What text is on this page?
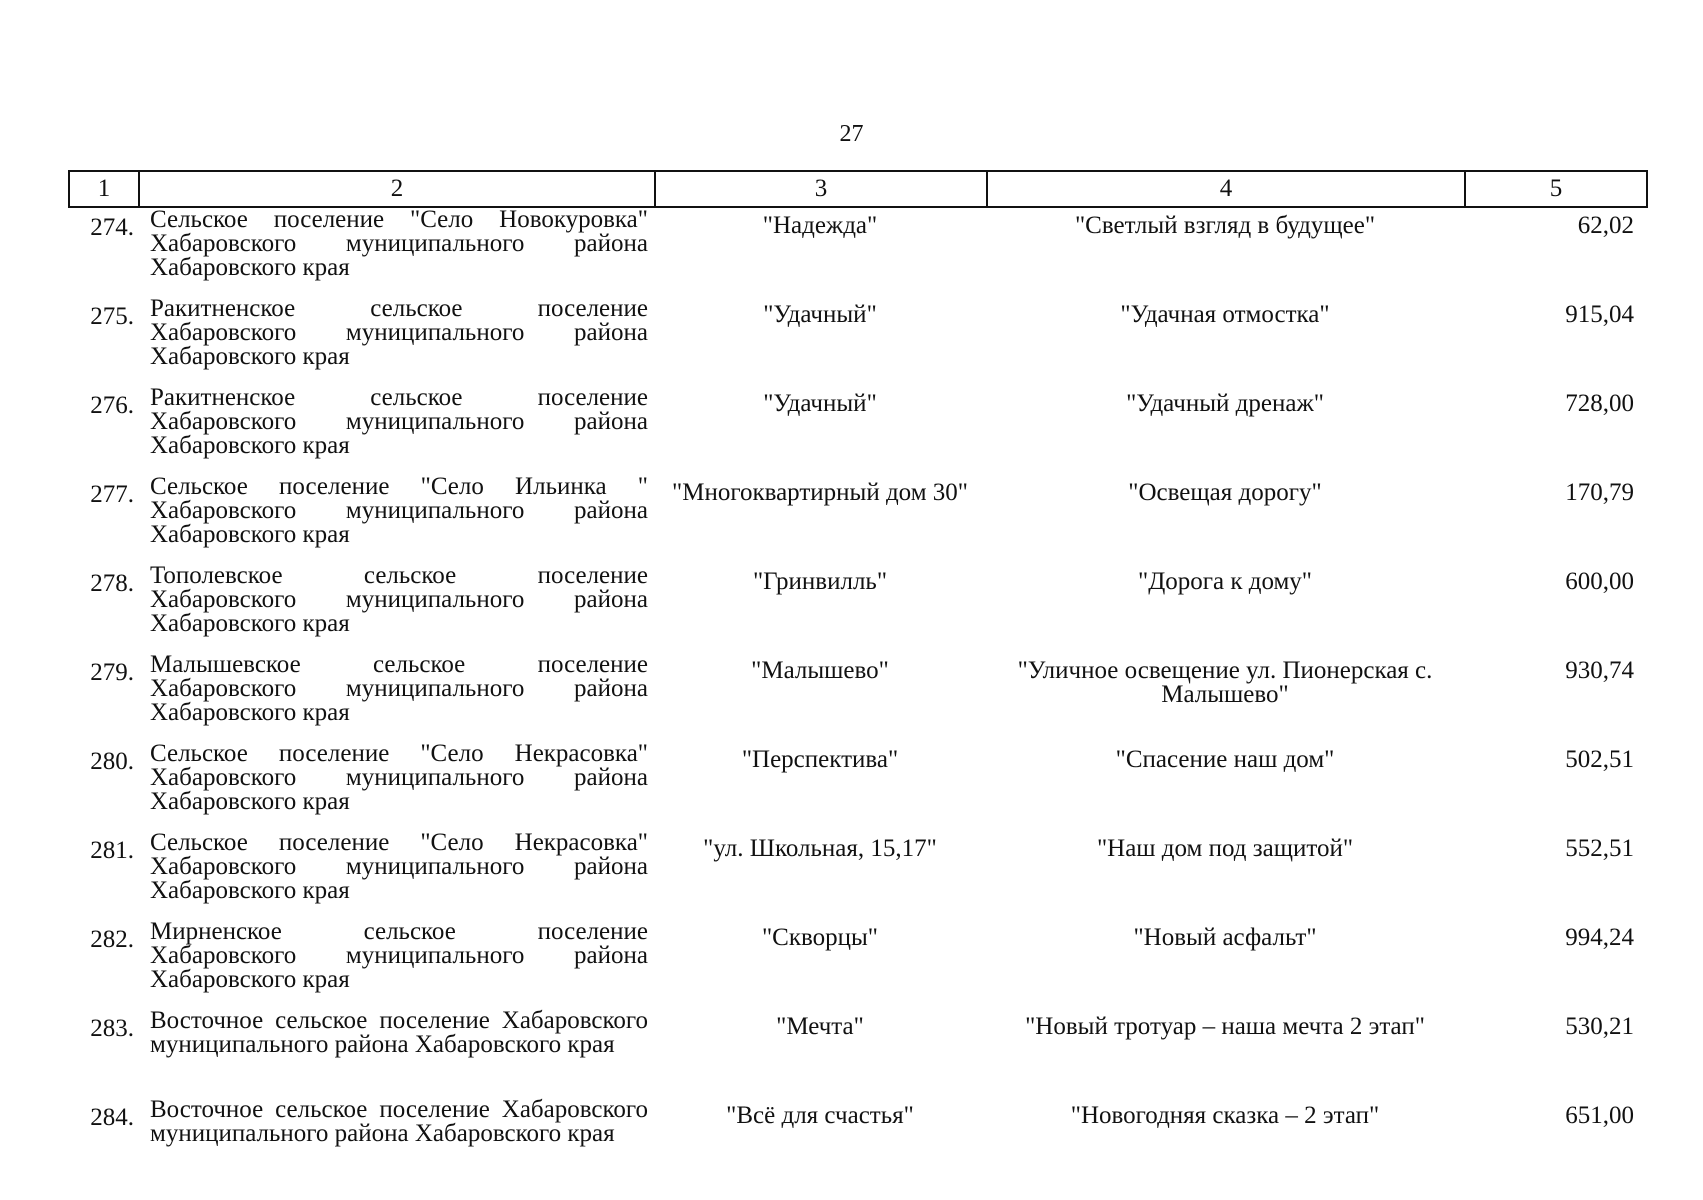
27
1	2	3	4	5
274.	Сельское поселение "Село Новокуровка" Хабаровского муниципального района Хабаровского края	"Надежда"	"Светлый взгляд в будущее"	62,02
275.	Ракитненское сельское поселение Хабаровского муниципального района Хабаровского края	"Удачный"	"Удачная отмостка"	915,04
276.	Ракитненское сельское поселение Хабаровского муниципального района Хабаровского края	"Удачный"	"Удачный дренаж"	728,00
277.	Сельское поселение "Село Ильинка " Хабаровского муниципального района Хабаровского края	"Многоквартирный дом 30"	"Освещая дорогу"	170,79
278.	Тополевское сельское поселение Хабаровского муниципального района Хабаровского края	"Гринвилль"	"Дорога к дому"	600,00
279.	Малышевское сельское поселение Хабаровского муниципального района Хабаровского края	"Малышево"	"Уличное освещение ул. Пионерская с. Малышево"	930,74
280.	Сельское поселение "Село Некрасовка" Хабаровского муниципального района Хабаровского края	"Перспектива"	"Спасение наш дом"	502,51
281.	Сельское поселение "Село Некрасовка" Хабаровского муниципального района Хабаровского края	"ул. Школьная, 15,17"	"Наш дом под защитой"	552,51
282.	Мирненское сельское поселение Хабаровского муниципального района Хабаровского края	"Скворцы"	"Новый асфальт"	994,24
283.	Восточное сельское поселение Хабаровского муниципального района Хабаровского края	"Мечта"	"Новый тротуар – наша мечта 2 этап"	530,21
284.	Восточное сельское поселение Хабаровского муниципального района Хабаровского края	"Всё для счастья"	"Новогодняя сказка – 2 этап"	651,00
